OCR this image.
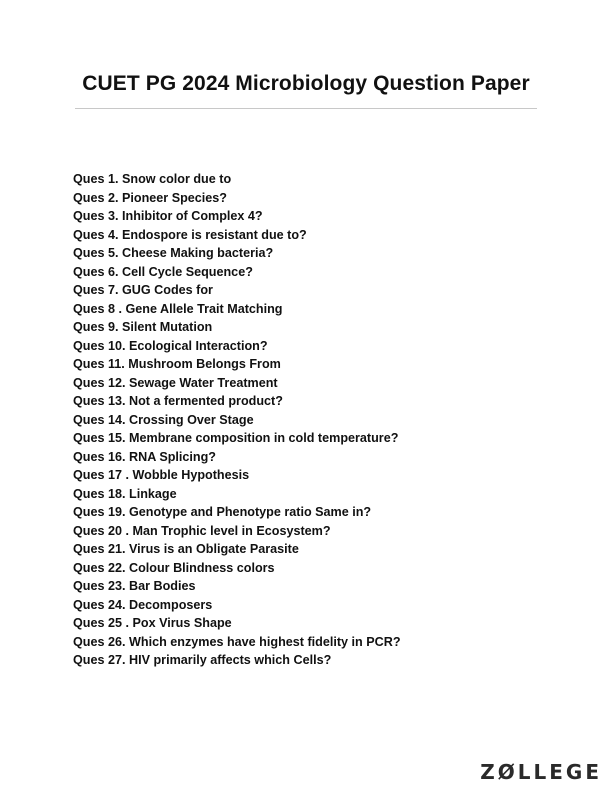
CUET PG 2024 Microbiology Question Paper
Ques 1. Snow color due to
Ques 2. Pioneer Species?
Ques 3. Inhibitor of Complex 4?
Ques 4. Endospore is resistant due to?
Ques 5. Cheese Making bacteria?
Ques 6. Cell Cycle Sequence?
Ques 7. GUG Codes for
Ques 8 . Gene Allele Trait Matching
Ques 9. Silent Mutation
Ques 10. Ecological Interaction?
Ques 11. Mushroom Belongs From
Ques 12. Sewage Water Treatment
Ques 13. Not a fermented product?
Ques 14. Crossing Over Stage
Ques 15. Membrane composition in cold temperature?
Ques 16. RNA Splicing?
Ques 17 . Wobble Hypothesis
Ques 18. Linkage
Ques 19. Genotype and Phenotype ratio Same in?
Ques 20 . Man Trophic level in Ecosystem?
Ques 21. Virus is an Obligate Parasite
Ques 22. Colour Blindness colors
Ques 23. Bar Bodies
Ques 24. Decomposers
Ques 25 . Pox Virus Shape
Ques 26. Which enzymes have highest fidelity in PCR?
Ques 27. HIV primarily affects which Cells?
ZØLLEGE
